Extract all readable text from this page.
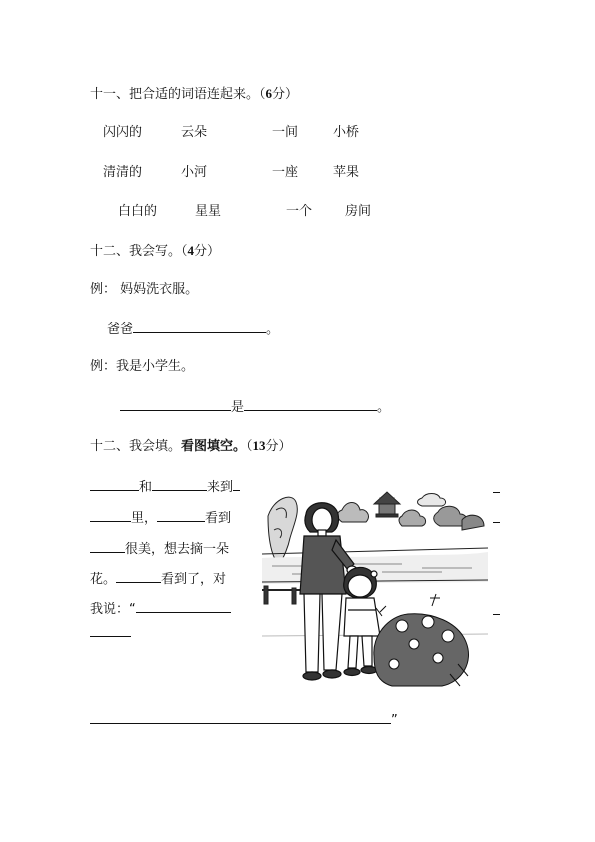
十一、把合适的词语连起来。（6分）
闪闪的	云朵	一间	小桥
清清的	小河	一座	苹果
白白的	星星	一个	房间
十二、我会写。（4分）
例： 妈妈洗衣服。
爸爸	。
例：我是小学生。
是	。
十二、我会填。看图填空。（13分）
和	来到
里，	看到
很美，想去摘一朵
花。	看到了，对
我说：“
”
